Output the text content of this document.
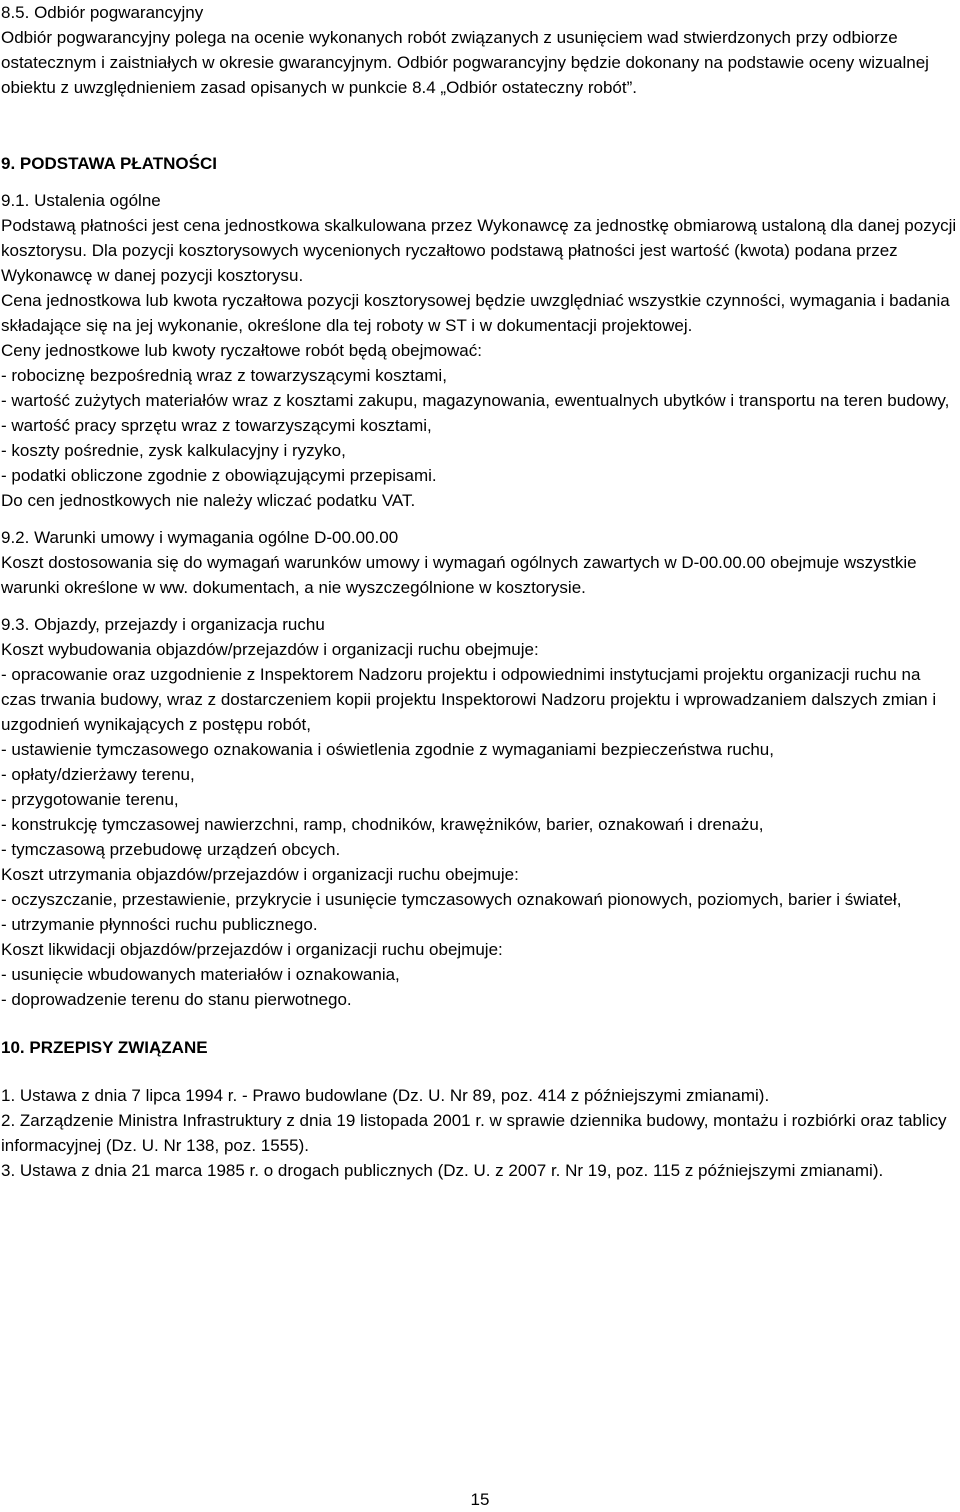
8.5. Odbiór pogwarancyjny

Odbiór pogwarancyjny polega na ocenie wykonanych robót związanych z usunięciem wad stwierdzonych przy odbiorze ostatecznym i zaistniałych w okresie gwarancyjnym. Odbiór pogwarancyjny będzie dokonany na podstawie oceny wizualnej obiektu z uwzględnieniem zasad opisanych w punkcie 8.4 „Odbiór ostateczny robót”.

9. PODSTAWA PŁATNOŚCI

9.1. Ustalenia ogólne

Podstawą płatności jest cena jednostkowa skalkulowana przez Wykonawcę za jednostkę obmiarową ustaloną dla danej pozycji kosztorysu. Dla pozycji kosztorysowych wycenionych ryczałtowo podstawą płatności jest wartość (kwota) podana przez Wykonawcę w danej pozycji kosztorysu.

Cena jednostkowa lub kwota ryczałtowa pozycji kosztorysowej będzie uwzględniać wszystkie czynności, wymagania i badania składające się na jej wykonanie, określone dla tej roboty w ST i w dokumentacji projektowej.

Ceny jednostkowe lub kwoty ryczałtowe robót będą obejmować:

- robociznę bezpośrednią wraz z towarzyszącymi kosztami,

- wartość zużytych materiałów wraz z kosztami zakupu, magazynowania, ewentualnych ubytków i transportu na teren budowy,

- wartość pracy sprzętu wraz z towarzyszącymi kosztami,

- koszty pośrednie, zysk kalkulacyjny i ryzyko,

- podatki obliczone zgodnie z obowiązującymi przepisami.

Do cen jednostkowych nie należy wliczać podatku VAT.

9.2. Warunki umowy i wymagania ogólne D-00.00.00

Koszt dostosowania się do wymagań warunków umowy i wymagań ogólnych zawartych w D-00.00.00 obejmuje wszystkie warunki określone w ww. dokumentach, a nie wyszczególnione w kosztorysie.

9.3. Objazdy, przejazdy i organizacja ruchu

Koszt wybudowania objazdów/przejazdów i organizacji ruchu obejmuje:

- opracowanie oraz uzgodnienie z Inspektorem Nadzoru projektu i odpowiednimi instytucjami projektu organizacji ruchu na czas trwania budowy, wraz z dostarczeniem kopii projektu Inspektorowi Nadzoru projektu i wprowadzaniem dalszych zmian i uzgodnień wynikających z postępu robót,

- ustawienie tymczasowego oznakowania i oświetlenia zgodnie z wymaganiami bezpieczeństwa ruchu,

- opłaty/dzierżawy terenu,

- przygotowanie terenu,

- konstrukcję tymczasowej nawierzchni, ramp, chodników, krawężników, barier, oznakowań i drenażu,

- tymczasową przebudowę urządzeń obcych.

Koszt utrzymania objazdów/przejazdów i organizacji ruchu obejmuje:

- oczyszczanie, przestawienie, przykrycie i usunięcie tymczasowych oznakowań pionowych, poziomych, barier i świateł,

- utrzymanie płynności ruchu publicznego.

Koszt likwidacji objazdów/przejazdów i organizacji ruchu obejmuje:

- usunięcie wbudowanych materiałów i oznakowania,

- doprowadzenie terenu do stanu pierwotnego.

10. PRZEPISY ZWIĄZANE

1. Ustawa z dnia 7 lipca 1994 r. - Prawo budowlane (Dz. U. Nr 89, poz. 414 z późniejszymi zmianami).

2. Zarządzenie Ministra Infrastruktury z dnia 19 listopada 2001 r. w sprawie dziennika budowy, montażu i rozbiórki oraz tablicy informacyjnej (Dz. U. Nr 138, poz. 1555).

3. Ustawa z dnia 21 marca 1985 r. o drogach publicznych (Dz. U. z 2007 r. Nr 19, poz. 115 z późniejszymi zmianami).

15
